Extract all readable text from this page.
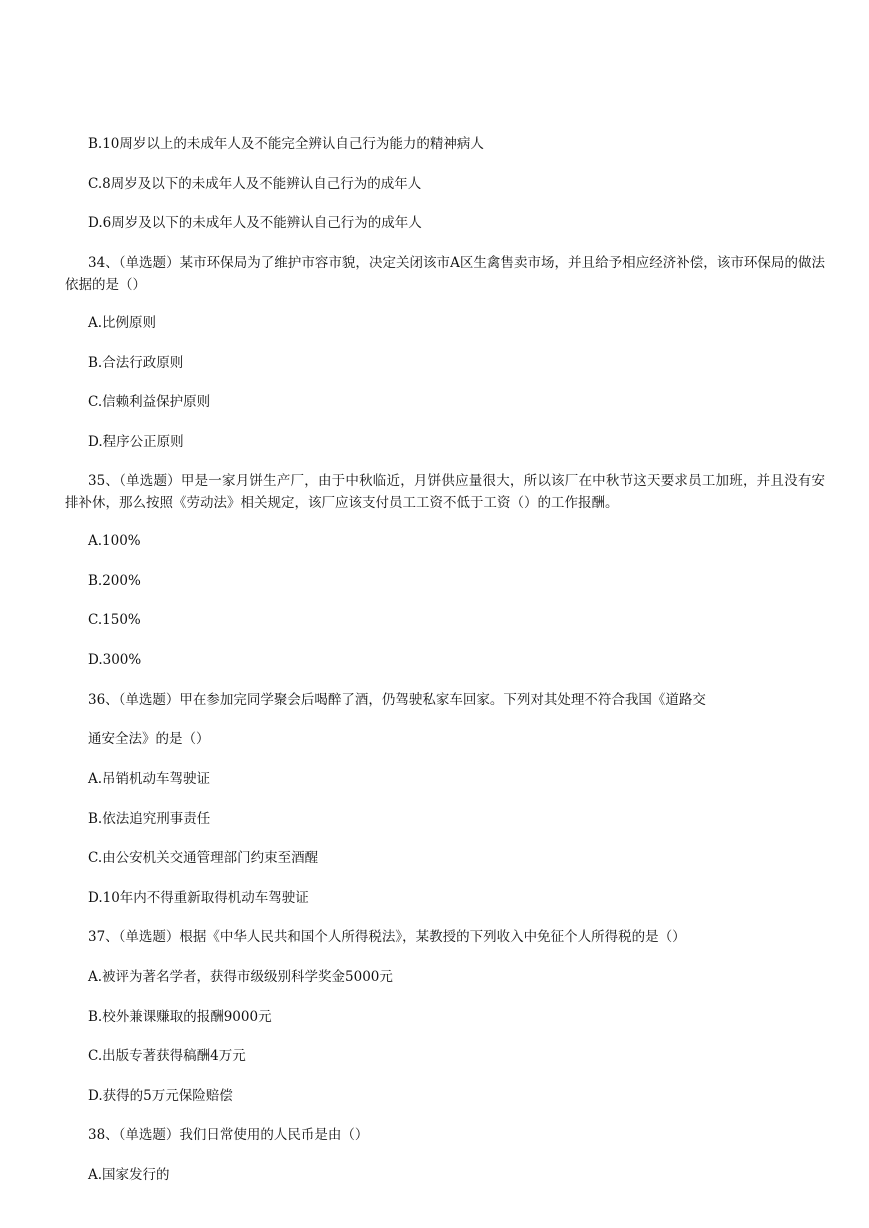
B.10周岁以上的未成年人及不能完全辨认自己行为能力的精神病人
C.8周岁及以下的未成年人及不能辨认自己行为的成年人
D.6周岁及以下的未成年人及不能辨认自己行为的成年人
34、（单选题）某市环保局为了维护市容市貌，决定关闭该市A区生禽售卖市场，并且给予相应经济补偿，该市环保局的做法依据的是（）
A.比例原则
B.合法行政原则
C.信赖利益保护原则
D.程序公正原则
35、（单选题）甲是一家月饼生产厂，由于中秋临近，月饼供应量很大，所以该厂在中秋节这天要求员工加班，并且没有安排补休，那么按照《劳动法》相关规定，该厂应该支付员工工资不低于工资（）的工作报酬。
A.100%
B.200%
C.150%
D.300%
36、（单选题）甲在参加完同学聚会后喝醉了酒，仍驾驶私家车回家。下列对其处理不符合我国《道路交
通安全法》的是（）
A.吊销机动车驾驶证
B.依法追究刑事责任
C.由公安机关交通管理部门约束至酒醒
D.10年内不得重新取得机动车驾驶证
37、（单选题）根据《中华人民共和国个人所得税法》，某教授的下列收入中免征个人所得税的是（）
A.被评为著名学者，获得市级级别科学奖金5000元
B.校外兼课赚取的报酬9000元
C.出版专著获得稿酬4万元
D.获得的5万元保险赔偿
38、（单选题）我们日常使用的人民币是由（）
A.国家发行的
